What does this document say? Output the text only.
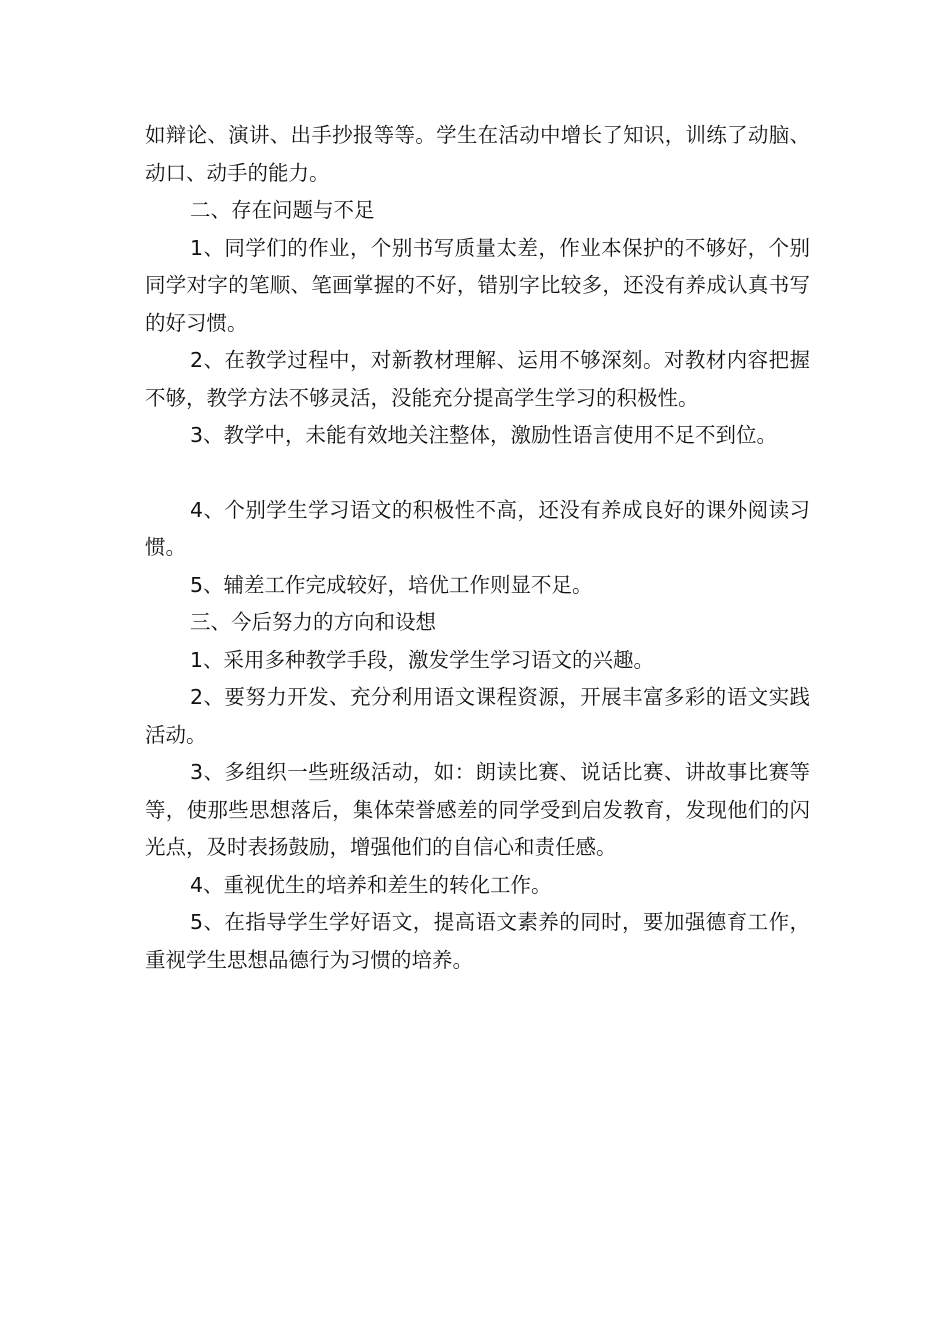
如辩论、演讲、出手抄报等等。学生在活动中增长了知识，训练了动脑、动口、动手的能力。

二、存在问题与不足

1、同学们的作业，个别书写质量太差，作业本保护的不够好，个别同学对字的笔顺、笔画掌握的不好，错别字比较多，还没有养成认真书写的好习惯。

2、在教学过程中，对新教材理解、运用不够深刻。对教材内容把握不够，教学方法不够灵活，没能充分提高学生学习的积极性。

3、教学中，未能有效地关注整体，激励性语言使用不足不到位。

4、个别学生学习语文的积极性不高，还没有养成良好的课外阅读习惯。

5、辅差工作完成较好，培优工作则显不足。

三、今后努力的方向和设想

1、采用多种教学手段，激发学生学习语文的兴趣。

2、要努力开发、充分利用语文课程资源，开展丰富多彩的语文实践活动。

3、多组织一些班级活动，如：朗读比赛、说话比赛、讲故事比赛等等，使那些思想落后，集体荣誉感差的同学受到启发教育，发现他们的闪光点，及时表扬鼓励，增强他们的自信心和责任感。

4、重视优生的培养和差生的转化工作。

5、在指导学生学好语文，提高语文素养的同时，要加强德育工作，重视学生思想品德行为习惯的培养。
